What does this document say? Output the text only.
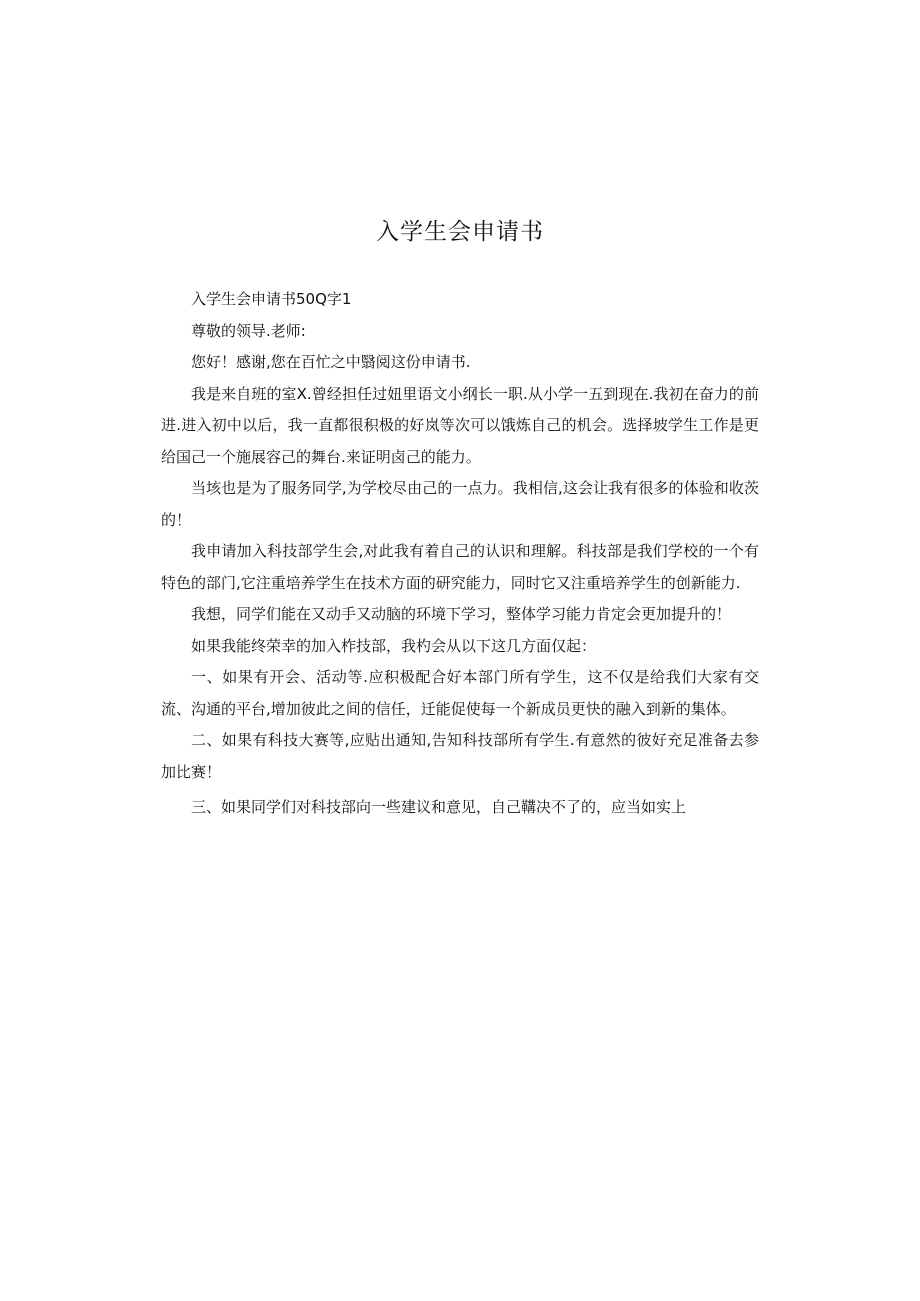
入学生会申请书

入学生会申请书50Q字1

尊敬的领导.老师:

您好！感谢,您在百忙之中翳阅这份申请书.

我是来自班的室X.曾经担任过妞里语文小纲长一职.从小学一五到现在.我初在奋力的前进.进入初中以后，我一直都很积极的好岚等次可以饿炼自己的机会。选择坡学生工作是更给国己一个施展容己的舞台.来证明卤己的能力。

当垓也是为了服务同学,为学校尽由己的一点力。我相信,这会让我有很多的体验和收茨的！

我申请加入科技部学生会,对此我有着自己的认识和理解。科技部是我们学校的一个有特色的部门,它注重培养学生在技术方面的研究能力，同时它又注重培养学生的创新能力.

我想，同学们能在又动手又动脑的环境下学习，整体学习能力肯定会更加提升的！

如果我能终荣幸的加入柞技部，我杓会从以下这几方面仅起：

一、如果有开会、活动等.应积极配合好本部门所有学生，这不仅是给我们大家有交流、沟通的平台,增加彼此之间的信任，迁能促使每一个新成员更快的融入到新的集体。

二、如果有科技大赛等,应贴出通知,告知科技部所有学生.有意然的彼好充足准备去参加比赛！

三、如果同学们对科技部向一些建议和意见，自己鞲决不了的，应当如实上
